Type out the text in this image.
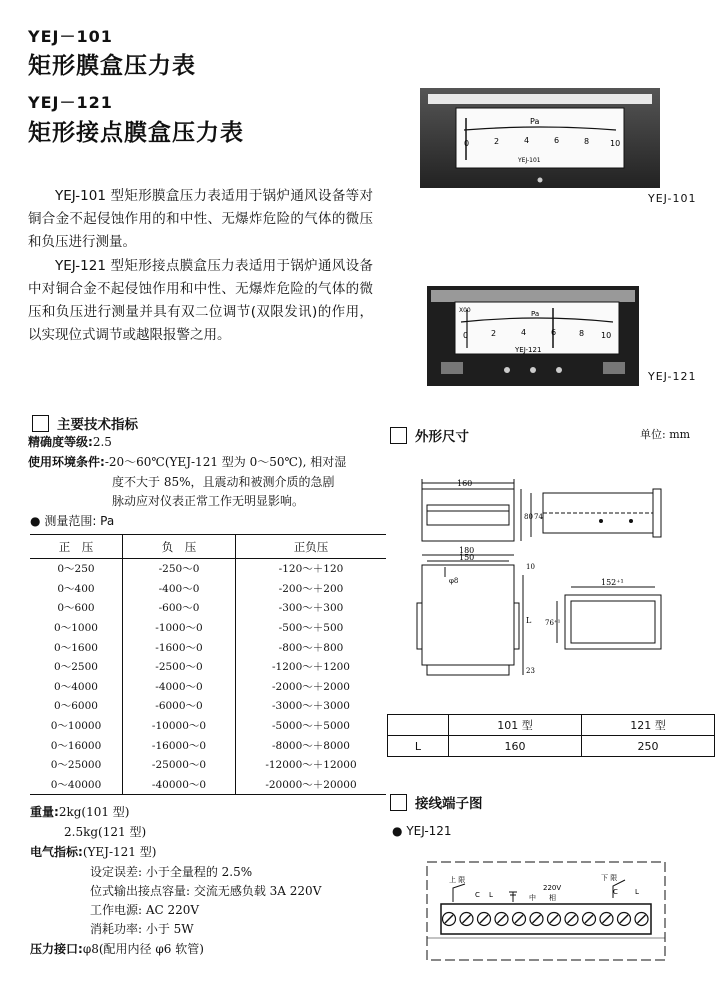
YEJ－101
矩形膜盒压力表
YEJ－121
矩形接点膜盒压力表
YEJ-101 型矩形膜盒压力表适用于锅炉通风设备等对铜合金不起侵蚀作用的和中性、无爆炸危险的气体的微压和负压进行测量。
YEJ-121 型矩形接点膜盒压力表适用于锅炉通风设备中对铜合金不起侵蚀作用和中性、无爆炸危险的气体的微压和负压进行测量并具有双二位调节(双限发讯)的作用，以实现位式调节或越限报警之用。
Pa
0	2	4	6	8	10
YEJ-101
YEJ-101
X00	Pa
0	2	4	6	8 10
YEJ-121
YEJ-121
主要技术指标
精确度等级:2.5
使用环境条件:-20～60℃(YEJ-121 型为 0～50℃), 相对湿
度不大于 85%，且震动和被测介质的急剧
脉动应对仪表正常工作无明显影响。
● 测量范围: Pa
正　压	负　压	正负压
0～250	-250～0	-120～＋120
0～400	-400～0	-200～＋200
0～600	-600～0	-300～＋300
0～1000	-1000～0	-500～＋500
0～1600	-1600～0	-800～＋800
0～2500	-2500～0	-1200～＋1200
0～4000	-4000～0	-2000～＋2000
0～6000	-6000～0	-3000～＋3000
0～10000	-10000～0	-5000～＋5000
0～16000	-16000～0	-8000～＋8000
0～25000	-25000～0	-12000～＋12000
0～40000	-40000～0	-20000～＋20000
重量:2kg(101 型)
2.5kg(121 型)
电气指标:(YEJ-121 型)
设定误差: 小于全量程的 2.5%
位式输出接点容量: 交流无感负载 3A 220V
工作电源: AC 220V
消耗功率: 小于 5W
压力接口:φ8(配用内径 φ6 软管)
外形尺寸	单位: mm
160
80 74
180
150
φ8
10
L
23
152⁺¹
76⁺¹
	101 型	121 型
L	160	250
接线端子图
● YEJ-121
上 限	下 限
220V
C L	中 相
C L
